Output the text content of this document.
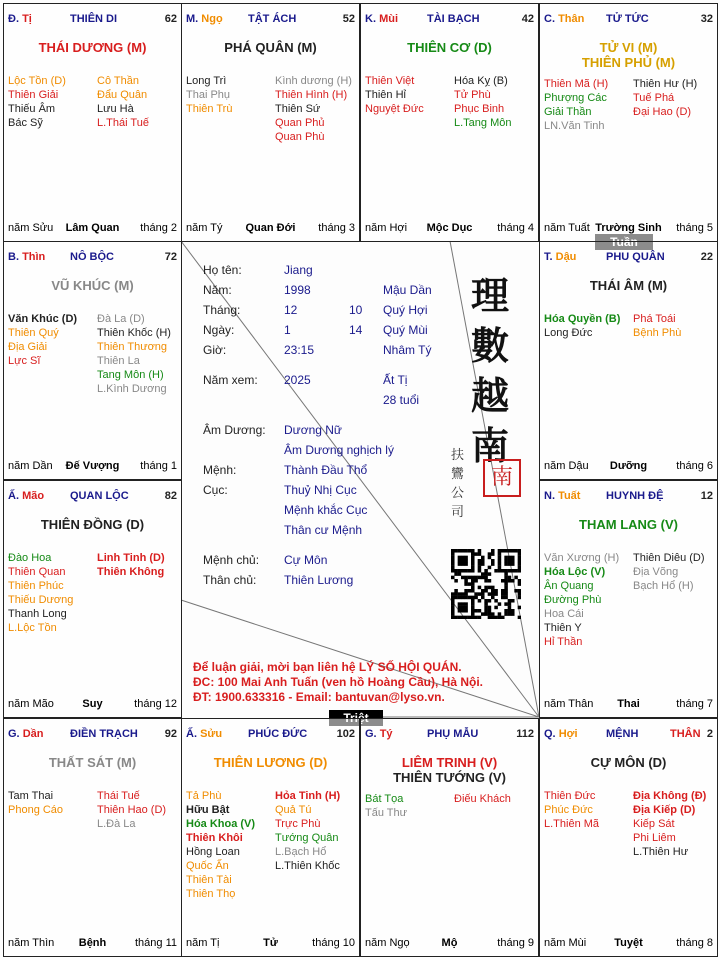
Họ tên:	Jiang
Năm:	1998	Mậu Dần
Tháng:	12	10 Quý Hợi
Ngày:	1	14 Quý Mùi
Giờ:	23:15	Nhâm Tý
Năm xem: 2025	Ất Tị
28 tuổi
Âm Dương: Dương Nữ
Âm Dương nghịch lý
Mệnh:	Thành Đầu Thổ
Cục:	Thuỷ Nhị Cục
Mệnh khắc Cục
Thân cư Mệnh
Mệnh chủ: Cự Môn
Thân chủ: Thiên Lương
理
數
越
南
扶
鸞
公
司
南
Để luận giải, mời bạn liên hệ LÝ SỐ HỘI QUÁN.
ĐC: 100 Mai Anh Tuấn (ven hồ Hoàng Cầu), Hà Nội.
ĐT: 1900.633316 - Email: bantuvan@lyso.vn.
Đ. Tị	THIÊN DI	62
THÁI DƯƠNG (M)
Lộc Tồn (D)
Thiên Giải
Thiếu Âm
Bác Sỹ
Cô Thần
Đẩu Quân
Lưu Hà
L.Thái Tuế
năm Sửu	Lâm Quan	tháng 2
M. Ngọ TẬT ÁCH	52
PHÁ QUÂN (M)
Long Trì
Thai Phụ
Thiên Trù
Kình dương (H)
Thiên Hình (H)
Thiên Sứ
Quan Phủ
Quan Phù
năm Tý	Quan Đới	tháng 3
K. Mùi	TÀI BẠCH	42
THIÊN CƠ (D)
Thiên Việt
Thiên Hỉ
Nguyệt Đức
Hóa Kỵ (B)
Tử Phù
Phục Binh
L.Tang Môn
năm Hợi	Mộc Dục	tháng 4
C. Thân TỬ TỨC	32
TỬ VI (M)
THIÊN PHỦ (M)
Thiên Mã (H)
Phượng Các
Giải Thần
LN.Văn Tinh
Thiên Hư (H)
Tuế Phá
Đại Hao (D)
năm Tuất Trường Sinh	tháng 5
B. Thìn NÔ BỘC	72
VŨ KHÚC (M)
Văn Khúc (D)
Thiên Quý
Địa Giải
Lực Sĩ
Đà La (D)
Thiên Khốc (H)
Thiên Thương
Thiên La
Tang Môn (H)
L.Kình Dương
năm Dần	Đế Vượng	tháng 1
T. Dậu	PHU QUÂN	22
THÁI ÂM (M)
Hóa Quyền (B)
Long Đức
Phá Toái
Bệnh Phù
năm Dậu	Dưỡng	tháng 6
Ấ. Mão QUAN LỘC	82
THIÊN ĐỒNG (D)
Đào Hoa
Thiên Quan
Thiên Phúc
Thiếu Dương
Thanh Long
L.Lộc Tồn
Linh Tinh (D)
Thiên Không
năm Mão	Suy	tháng 12
N. Tuất HUYNH ĐỆ	12
THAM LANG (V)
Văn Xương (H)
Hóa Lộc (V)
Ân Quang
Đường Phù
Hoa Cái
Thiên Y
Hỉ Thần
Thiên Diêu (D)
Địa Võng
Bạch Hổ (H)
năm Thân	Thai	tháng 7
G. Dần ĐIỀN TRẠCH 92
THẤT SÁT (M)
Tam Thai
Phong Cáo
Thái Tuế
Thiên Hao (D)
L.Đà La
năm Thìn	Bệnh	tháng 11
Ấ. Sửu PHÚC ĐỨC	102
THIÊN LƯƠNG (D)
Tả Phù
Hữu Bật
Hóa Khoa (V)
Thiên Khôi
Hồng Loan
Quốc Ấn
Thiên Tài
Thiên Thọ
Hỏa Tinh (H)
Quả Tú
Trực Phù
Tướng Quân
L.Bạch Hổ
L.Thiên Khốc
năm Tị	Tử	tháng 10
G. Tý	PHỤ MẪU	112
LIÊM TRINH (V)
THIÊN TƯỚNG (V)
Bát Tọa
Tấu Thư
Điếu Khách
năm Ngọ	Mộ	tháng 9
THÂN
Q. Hợi	MỆNH	2
CỰ MÔN (D)
Thiên Đức
Phúc Đức
L.Thiên Mã
Địa Không (Đ)
Địa Kiếp (D)
Kiếp Sát
Phi Liêm
L.Thiên Hư
năm Mùi	Tuyệt	tháng 8
